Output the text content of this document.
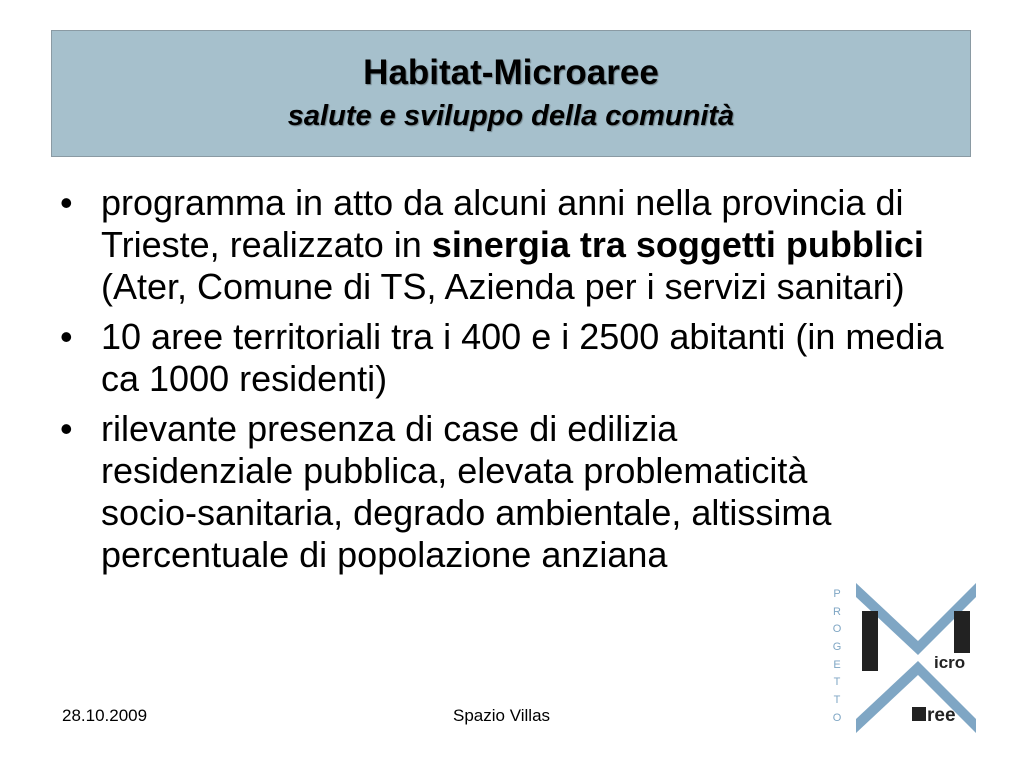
Habitat-Microaree
salute e sviluppo della comunità
• programma in atto da alcuni anni nella provincia di Trieste, realizzato in sinergia tra soggetti pubblici (Ater, Comune di TS, Azienda per i servizi sanitari)
• 10 aree territoriali tra i 400 e i 2500 abitanti (in media ca 1000 residenti)
• rilevante presenza di case di edilizia residenziale pubblica, elevata problematicità socio-sanitaria, degrado ambientale, altissima percentuale di popolazione anziana
28.10.2009	Spazio Villas
P R O G E T T O
icro
ree
